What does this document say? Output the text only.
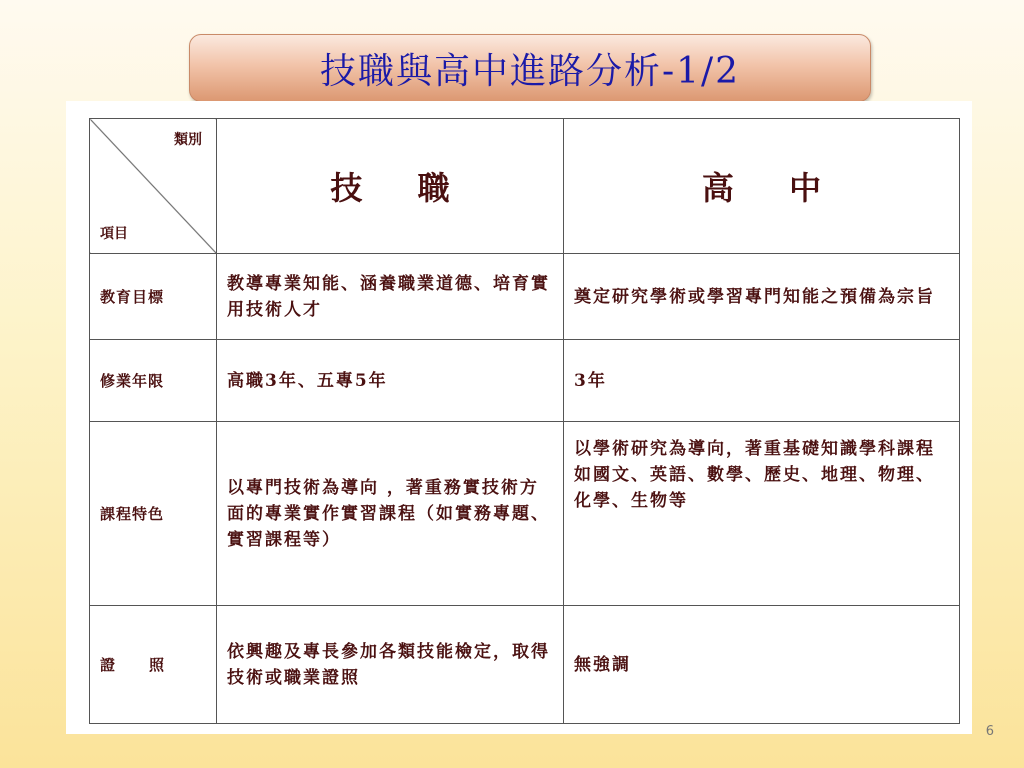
技職與高中進路分析-1/2
類別
項目	技 職	高 中
教育目標	教導專業知能、涵養職業道德、培育實用技術人才	奠定研究學術或學習專門知能之預備為宗旨
修業年限	高職3年、五專5年	3年
課程特色	以專門技術為導向 ，著重務實技術方面的專業實作實習課程（如實務專題、實習課程等）	以學術研究為導向，著重基礎知識學科課程如國文、英語、數學、歷史、地理、物理、化學、生物等
證照	依興趣及專長參加各類技能檢定，取得技術或職業證照	無強調
6
